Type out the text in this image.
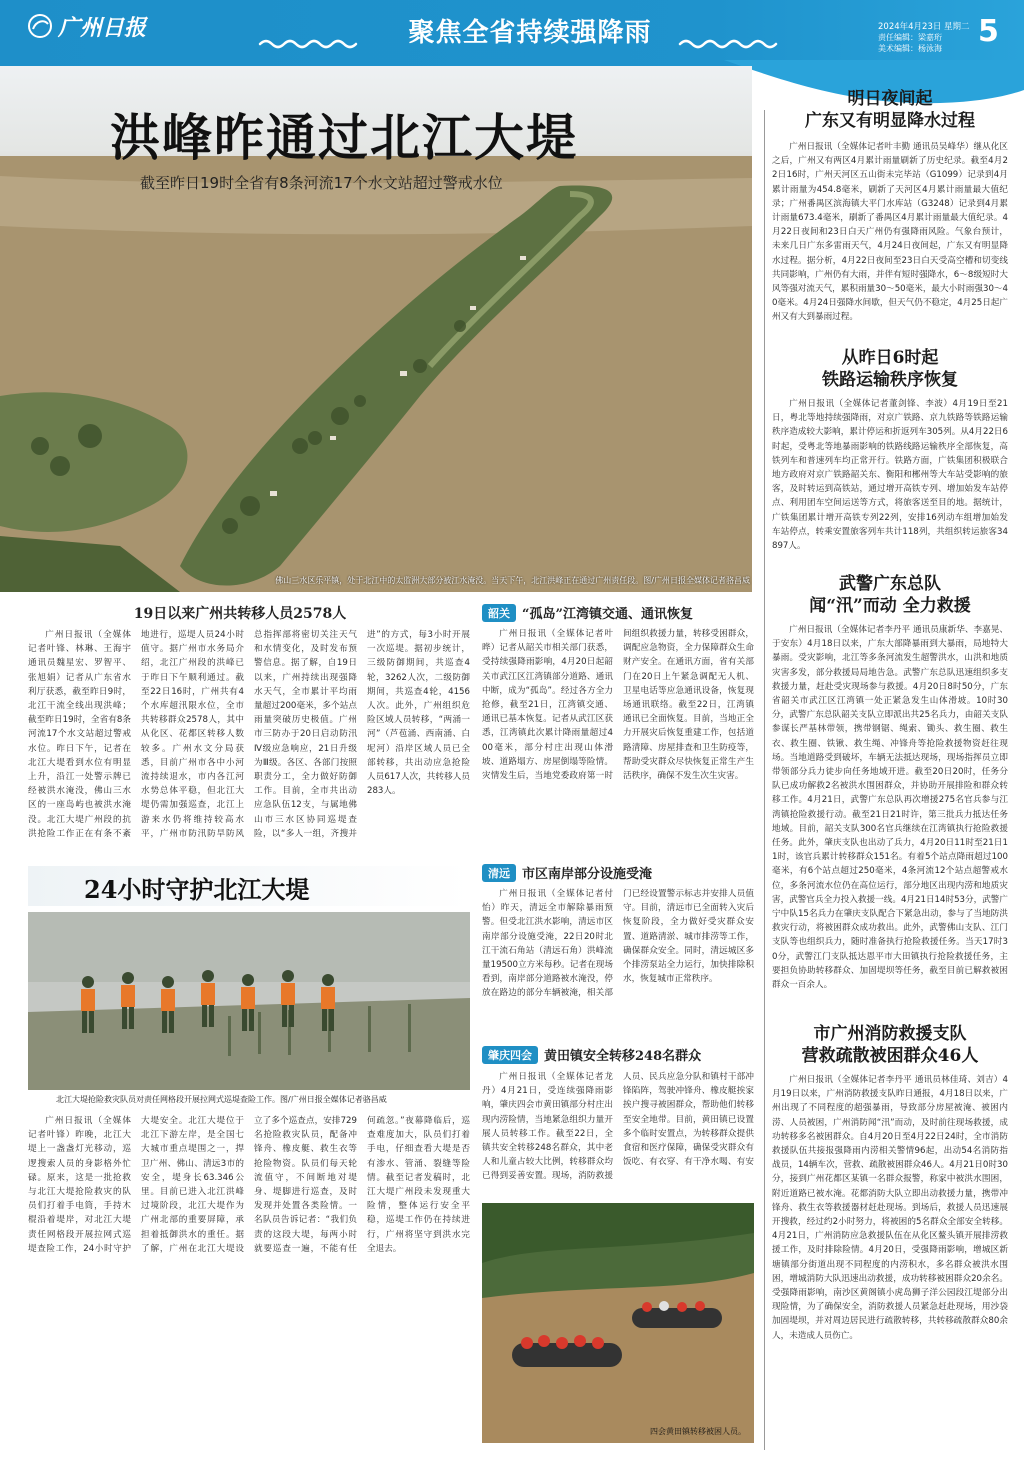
广州日报	聚焦全省持续强降雨	2024年4月23日 星期二
责任编辑：梁嘉珩
美术编辑：杨泳海 5
佛山三水区乐平镇，处于北江中的太监洲大部分被江水淹没。当天下午，北江洪峰正在通过广州责任段。图/广州日报全媒体记者骆昌威
洪峰昨通过北江大堤
截至昨日19时全省有8条河流17个水文站超过警戒水位
19日以来广州共转移人员2578人

广州日报讯（全媒体记者叶锋、林琳、王海宇 通讯员魏星宏、罗智平、张旭娟）记者从广东省水利厅获悉，截至昨日9时，北江干流全线出现洪峰；截至昨日19时，全省有8条河流17个水文站超过警戒水位。昨日下午，记者在北江大堤看到水位有明显上升，沿江一处警示牌已经被洪水淹没，佛山三水区的一座岛屿也被洪水淹没。北江大堤广州段的抗洪抢险工作正在有条不紊地进行，巡堤人员24小时值守。据广州市水务局介绍，北江广州段的洪峰已于昨日下午顺利通过。截至22日16时，广州共有4个水库超汛限水位，全市共转移群众2578人，其中从化区、花都区转移人数较多。广州水文分局获悉，目前广州市各中小河流持续退水，市内各江河水势总体平稳，但北江大堤仍需加强巡查，北江上游来水仍将维持较高水平，广州市防汛防旱防风总指挥部将密切关注天气和水情变化，及时发布预警信息。据了解，自19日以来，广州持续出现强降水天气，全市累计平均雨量超过200毫米，多个站点雨量突破历史极值。广州市三防办于20日启动防汛Ⅳ级应急响应，21日升级为Ⅲ级。各区、各部门按照职责分工，全力做好防御工作。目前，全市共出动应急队伍12支，与属地佛山市三水区协同巡堤查险，以“多人一组，齐搜并进”的方式，每3小时开展一次巡堤。据初步统计，三级防御期间，共巡查4轮，3262人次，二级防御期间，共巡查4轮，4156人次。此外，广州组织危险区域人员转移，“两涌一河”（芦苞涌、西南涌、白坭河）沿岸区域人员已全部转移，共出动应急抢险人员617人次，共转移人员283人。

韶关 “孤岛”江湾镇交通、通讯恢复

广州日报讯（全媒体记者叶晔）记者从韶关市相关部门获悉，受持续强降雨影响，4月20日起韶关市武江区江湾镇部分道路、通讯中断，成为“孤岛”。经过各方全力抢修，截至21日，江湾镇交通、通讯已基本恢复。记者从武江区获悉，江湾镇此次累计降雨量超过400毫米，部分村庄出现山体滑坡、道路塌方、房屋倒塌等险情。灾情发生后，当地党委政府第一时间组织救援力量，转移受困群众，调配应急物资，全力保障群众生命财产安全。在通讯方面，省有关部门在20日上午紧急调配无人机、卫星电话等应急通讯设备，恢复现场通讯联络。截至22日，江湾镇通讯已全面恢复。目前，当地正全力开展灾后恢复重建工作，包括道路清障、房屋排查和卫生防疫等，帮助受灾群众尽快恢复正常生产生活秩序，确保不发生次生灾害。

清远 市区南岸部分设施受淹

广州日报讯（全媒体记者付怡）昨天，清远全市解除暴雨预警。但受北江洪水影响，清远市区南岸部分设施受淹，22日20时北江干流石角站（清远石角）洪峰流量19500立方米每秒。记者在现场看到，南岸部分道路被水淹没，停放在路边的部分车辆被淹，相关部门已经设置警示标志并安排人员值守。目前，清远市已全面转入灾后恢复阶段，全力做好受灾群众安置、道路清淤、城市排涝等工作，确保群众安全。同时，清远城区多个排涝泵站全力运行，加快排除积水，恢复城市正常秩序。

肇庆四会 黄田镇安全转移248名群众

广州日报讯（全媒体记者龙丹）4月21日，受连续强降雨影响，肇庆四会市黄田镇部分村庄出现内涝险情，当地紧急组织力量开展人员转移工作。截至22日，全镇共安全转移248名群众，其中老人和儿童占较大比例，转移群众均已得到妥善安置。现场，消防救援人员、民兵应急分队和镇村干部冲锋陷阵，驾驶冲锋舟、橡皮艇挨家挨户搜寻被困群众，帮助他们转移至安全地带。目前，黄田镇已设置多个临时安置点，为转移群众提供食宿和医疗保障，确保受灾群众有饭吃、有衣穿、有干净水喝、有安

四会黄田镇转移被困人员。
24小时守护北江大堤
北江大堤抢险救灾队员对责任网格段开展拉网式巡堤查险工作。图/广州日报全媒体记者骆昌威

广州日报讯（全媒体记者叶锋）昨晚，北江大堤上一盏盏灯光移动，巡逻搜索人员的身影格外忙碌。原来，这是一批抢救与北江大堤抢险救灾的队员们打着手电筒，手持木棍沿着堤岸，对北江大堤责任网格段开展拉网式巡堤查险工作，24小时守护大堤安全。北江大堤位于北江下游左岸，是全国七大城市重点堤围之一，捍卫广州、佛山、清远3市的安全，堤身长63.346公里。目前已进入北江洪峰过境阶段，北江大堤作为广州北部的重要屏障，承担着抵御洪水的重任。据了解，广州在北江大堤设立了多个巡查点，安排729名抢险救灾队员，配备冲锋舟、橡皮艇、救生衣等抢险物资。队员们每天轮流值守，不间断地对堤身、堤脚进行巡查，及时发现并处置各类险情。一名队员告诉记者：“我们负责的这段大堤，每两小时就要巡查一遍，不能有任何疏忽。”夜幕降临后，巡查难度加大，队员们打着手电，仔细查看大堤是否有渗水、管涌、裂缝等险情。截至记者发稿时，北江大堤广州段未发现重大险情，整体运行安全平稳，巡堤工作仍在持续进行，广州将坚守到洪水完全退去。

明日夜间起
广东又有明显降水过程

广州日报讯（全媒体记者叶丰勤 通讯员吴峰华）继从化区之后，广州又有两区4月累计雨量刷新了历史纪录。截至4月22日16时，广州天河区五山街未完毕站（G1099）记录到4月累计雨量为454.8毫米，刷新了天河区4月累计雨量最大值纪录；广州番禺区滨海镇大平门水库站（G3248）记录到4月累计雨量673.4毫米，刷新了番禺区4月累计雨量最大值纪录。4月22日夜间和23日白天广州仍有强降雨风险。气象台预计，未来几日广东多雷雨天气，4月24日夜间起，广东又有明显降水过程。据分析，4月22日夜间至23日白天受高空槽和切变线共同影响，广州仍有大雨，并伴有短时强降水，6～8级短时大风等强对流天气，累积雨量30～50毫米，最大小时雨强30～40毫米。4月24日强降水间歇，但天气仍不稳定，4月25日起广州又有大到暴雨过程。

从昨日6时起
铁路运输秩序恢复

广州日报讯（全媒体记者董剑锋、李波）4月19日至21日，粤北等地持续强降雨，对京广铁路、京九铁路等铁路运输秩序造成较大影响，累计停运和折返列车305列。从4月22日6时起，受粤北等地暴雨影响的铁路线路运输秩序全部恢复，高铁列车和普速列车均正常开行。铁路方面，广铁集团积极联合地方政府对京广铁路韶关东、衡阳和郴州等大车站受影响的旅客，及时转运到高铁站，通过增开高铁专列、增加始发车站停点、利用团车空间运送等方式，将旅客送至目的地。据统计，广铁集团累计增开高铁专列22列，安排16列动车组增加始发车站停点，转乘安置旅客列车共计118列，共组织转运旅客34897人。

武警广东总队
闻“汛”而动 全力救援

广州日报讯（全媒体记者李丹平 通讯员康新华、李嘉晃、于安东）4月18日以来，广东大部降暴雨到大暴雨，局地特大暴雨。受灾影响，北江等多条河流发生超警洪水，山洪和地质灾害多发，部分救援局局地告急。武警广东总队迅速组织多支救援力量，赶赴受灾现场参与救援。4月20日8时50分，广东省韶关市武江区江湾镇一处正紧急发生山体滑坡。10时30分，武警广东总队韶关支队立即派出共25名兵力，由韶关支队参谋长严基林带领，携带钢锯、绳索、锄头、救生圈、救生衣、救生圈、铁锹、救生绳、冲锋舟等抢险救援物资赶往现场。当地道路受到破坏，车辆无法抵达现场，现场指挥员立即带领部分兵力徒步向任务地域开进。截至20日20时，任务分队已成功解救2名被洪水围困群众，并协助开展排险和群众转移工作。4月21日，武警广东总队再次增援275名官兵参与江湾镇抢险救援行动。截至21日21时许，第三批兵力抵达任务地域。目前，韶关支队300名官兵继续在江湾镇执行抢险救援任务。此外，肇庆支队也出动了兵力，4月20日11时至21日11时，该官兵累计转移群众151名。有着5个站点降雨超过100毫米，有6个站点超过250毫米，4条河流12个站点超警戒水位，多条河流水位仍在高位运行，部分地区出现内涝和地质灾害，武警官兵全力投入救援一线。4月21日14时53分，武警广宁中队15名兵力在肇庆支队配合下紧急出动，参与了当地防洪救灾行动，将被困群众成功救出。此外，武警佛山支队、江门支队等也组织兵力，随时准备执行抢险救援任务。当天17时30分，武警江门支队抵达恩平市大田镇执行抢险救援任务，主要担负协助转移群众、加固堤坝等任务，截至目前已解救被困群众一百余人。

市广州消防救援支队
营救疏散被困群众46人

广州日报讯（全媒体记者李丹平 通讯员林佳琦、刘吉）4月19日以来，广州消防救援支队昨日通报，4月18日以来，广州出现了不同程度的超强暴雨，导致部分房屋被淹、被困内涝、人员被困，广州消防闻“汛”而动，及时前往现场救援，成功转移多名被困群众。自4月20日至4月22日24时，全市消防救援队伍共接报强降雨内涝相关警情96起，出动54名消防指战员，14辆车次，营救、疏散被困群众46人。4月21日0时30分，接到广州花都区某镇一名群众报警，称家中被洪水围困，附近道路已被水淹。花都消防大队立即出动救援力量，携带冲锋舟、救生衣等救援器材赶赴现场。到场后，救援人员迅速展开搜救，经过约2小时努力，将被困的5名群众全部安全转移。4月21日，广州消防应急救援队伍在从化区鳌头镇开展排涝救援工作，及时排除险情。4月20日，受强降雨影响，增城区新塘镇部分街道出现不同程度的内涝积水，多名群众被洪水围困，增城消防大队迅速出动救援，成功转移被困群众20余名。受强降雨影响，南沙区黄阁镇小虎岛狮子洋公园段江堤部分出现险情，为了确保安全，消防救援人员紧急赶赴现场，用沙袋加固堤坝，并对周边居民进行疏散转移，共转移疏散群众80余人，未造成人员伤亡。
